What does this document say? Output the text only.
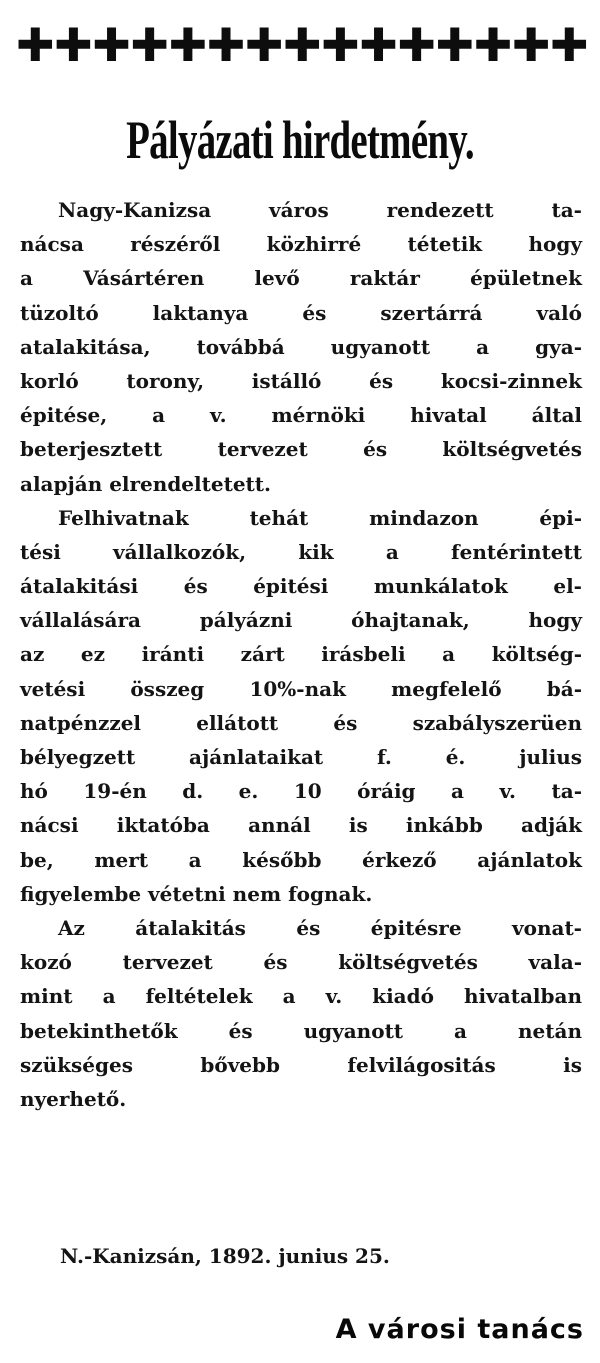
✚ ✚ ✚ ✚ ✚ ✚ ✚ ✚ ✚ ✚ ✚ ✚ ✚ ✚ ✚
Pályázati hirdetmény.
Nagy-Kanizsa város rendezett ta-
nácsa részéről közhirré tétetik hogy
a Vásártéren levő raktár épületnek
tüzoltó laktanya és szertárrá való
atalakitása, továbbá ugyanott a gya-
korló torony, istálló és kocsi-zinnek
épitése, a v. mérnöki hivatal által
beterjesztett tervezet és költségvetés
alapján elrendeltetett.
Felhivatnak tehát mindazon épi-
tési vállalkozók, kik a fentérintett
átalakitási és épitési munkálatok el-
vállalására pályázni óhajtanak, hogy
az ez iránti zárt irásbeli a költség-
vetési összeg 10%-nak megfelelő bá-
natpénzzel ellátott és szabályszerüen
bélyegzett ajánlataikat f. é. julius
hó 19-én d. e. 10 óráig a v. ta-
nácsi iktatóba annál is inkább adják
be, mert a később érkező ajánlatok
figyelembe vétetni nem fognak.
Az átalakitás és épitésre vonat-
kozó tervezet és költségvetés vala-
mint a feltételek a v. kiadó hivatalban
betekinthetők és ugyanott a netán
szükséges bővebb felvilágositás is
nyerhető.
N.-Kanizsán, 1892. junius 25.
A városi tanács
